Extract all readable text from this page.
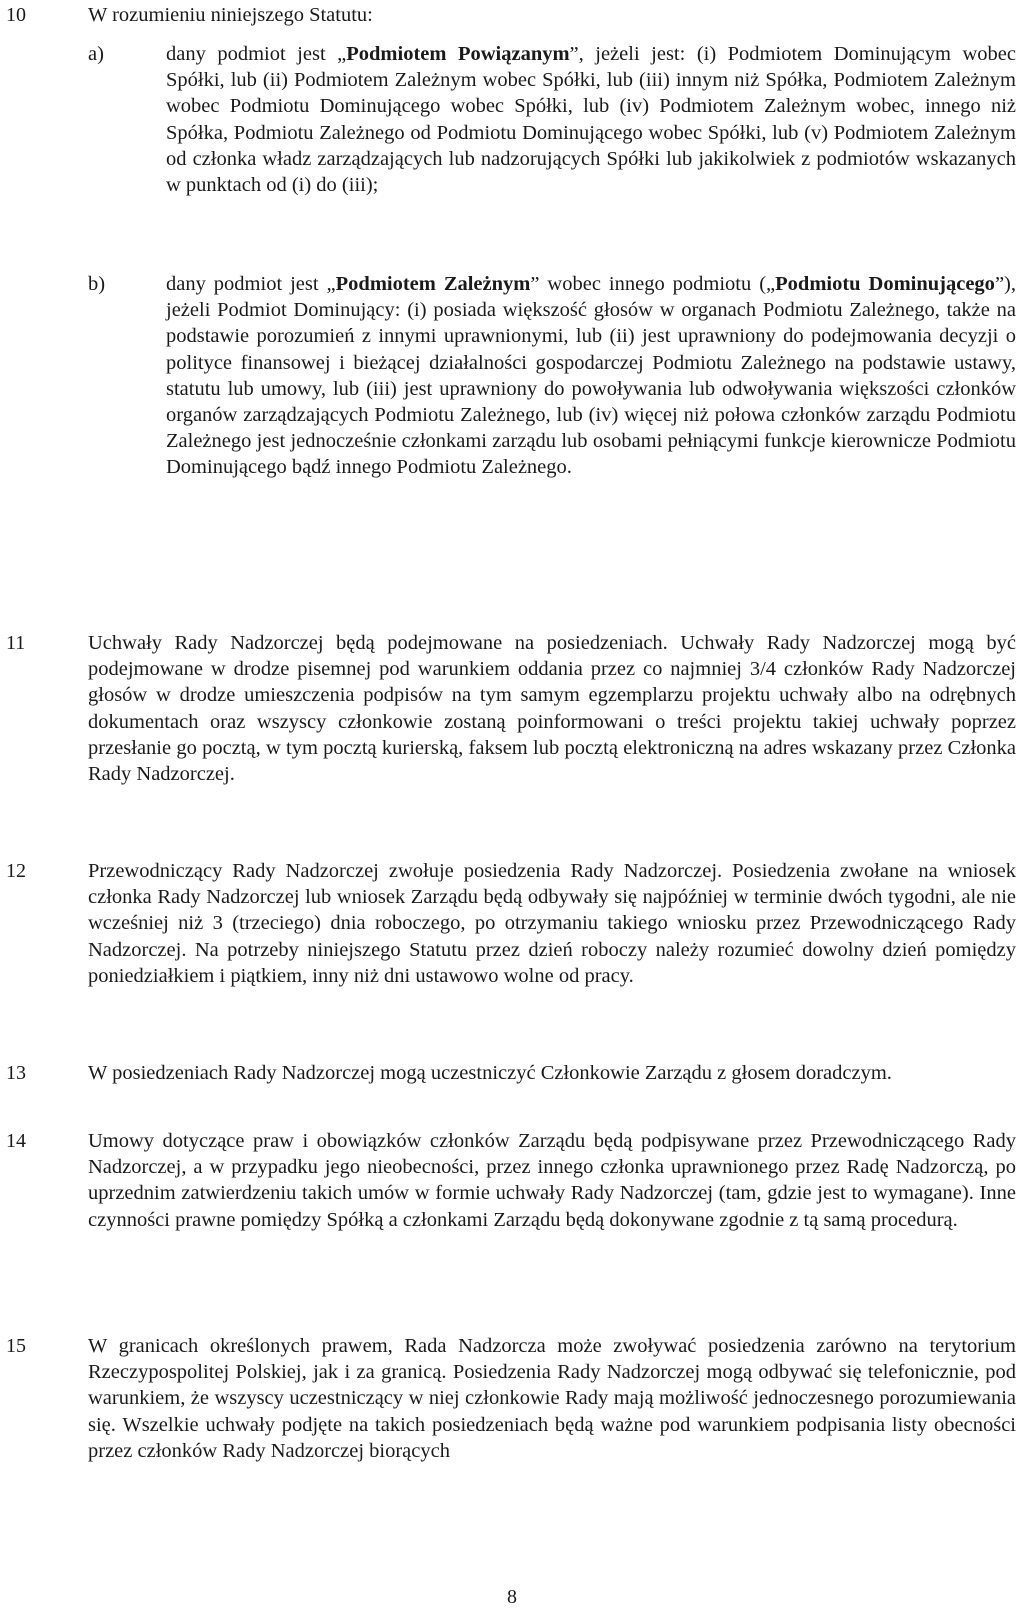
10	W rozumieniu niniejszego Statutu:
a)	dany podmiot jest „Podmiotem Powiązanym”, jeżeli jest: (i) Podmiotem Dominującym wobec Spółki, lub (ii) Podmiotem Zależnym wobec Spółki, lub (iii) innym niż Spółka, Podmiotem Zależnym wobec Podmiotu Dominującego wobec Spółki, lub (iv) Podmiotem Zależnym wobec, innego niż Spółka, Podmiotu Zależnego od Podmiotu Dominującego wobec Spółki, lub (v) Podmiotem Zależnym od członka władz zarządzających lub nadzorujących Spółki lub jakikolwiek z podmiotów wskazanych w punktach od (i) do (iii);
b)	dany podmiot jest „Podmiotem Zależnym” wobec innego podmiotu („Podmiotu Dominującego”), jeżeli Podmiot Dominujący: (i) posiada większość głosów w organach Podmiotu Zależnego, także na podstawie porozumień z innymi uprawnionymi, lub (ii) jest uprawniony do podejmowania decyzji o polityce finansowej i bieżącej działalności gospodarczej Podmiotu Zależnego na podstawie ustawy, statutu lub umowy, lub (iii) jest uprawniony do powoływania lub odwoływania większości członków organów zarządzających Podmiotu Zależnego, lub (iv) więcej niż połowa członków zarządu Podmiotu Zależnego jest jednocześnie członkami zarządu lub osobami pełniącymi funkcje kierownicze Podmiotu Dominującego bądź innego Podmiotu Zależnego.
11	Uchwały Rady Nadzorczej będą podejmowane na posiedzeniach. Uchwały Rady Nadzorczej mogą być podejmowane w drodze pisemnej pod warunkiem oddania przez co najmniej 3/4 członków Rady Nadzorczej głosów w drodze umieszczenia podpisów na tym samym egzemplarzu projektu uchwały albo na odrębnych dokumentach oraz wszyscy członkowie zostaną poinformowani o treści projektu takiej uchwały poprzez przesłanie go pocztą, w tym pocztą kurierską, faksem lub pocztą elektroniczną na adres wskazany przez Członka Rady Nadzorczej.
12	Przewodniczący Rady Nadzorczej zwołuje posiedzenia Rady Nadzorczej. Posiedzenia zwołane na wniosek członka Rady Nadzorczej lub wniosek Zarządu będą odbywały się najpóźniej w terminie dwóch tygodni, ale nie wcześniej niż 3 (trzeciego) dnia roboczego, po otrzymaniu takiego wniosku przez Przewodniczącego Rady Nadzorczej. Na potrzeby niniejszego Statutu przez dzień roboczy należy rozumieć dowolny dzień pomiędzy poniedziałkiem i piątkiem, inny niż dni ustawowo wolne od pracy.
13	W posiedzeniach Rady Nadzorczej mogą uczestniczyć Członkowie Zarządu z głosem doradczym.
14	Umowy dotyczące praw i obowiązków członków Zarządu będą podpisywane przez Przewodniczącego Rady Nadzorczej, a w przypadku jego nieobecności, przez innego członka uprawnionego przez Radę Nadzorczą, po uprzednim zatwierdzeniu takich umów w formie uchwały Rady Nadzorczej (tam, gdzie jest to wymagane). Inne czynności prawne pomiędzy Spółką a członkami Zarządu będą dokonywane zgodnie z tą samą procedurą.
15	W granicach określonych prawem, Rada Nadzorcza może zwoływać posiedzenia zarówno na terytorium Rzeczypospolitej Polskiej, jak i za granicą. Posiedzenia Rady Nadzorczej mogą odbywać się telefonicznie, pod warunkiem, że wszyscy uczestniczący w niej członkowie Rady mają możliwość jednoczesnego porozumiewania się. Wszelkie uchwały podjęte na takich posiedzeniach będą ważne pod warunkiem podpisania listy obecności przez członków Rady Nadzorczej biorących
8
